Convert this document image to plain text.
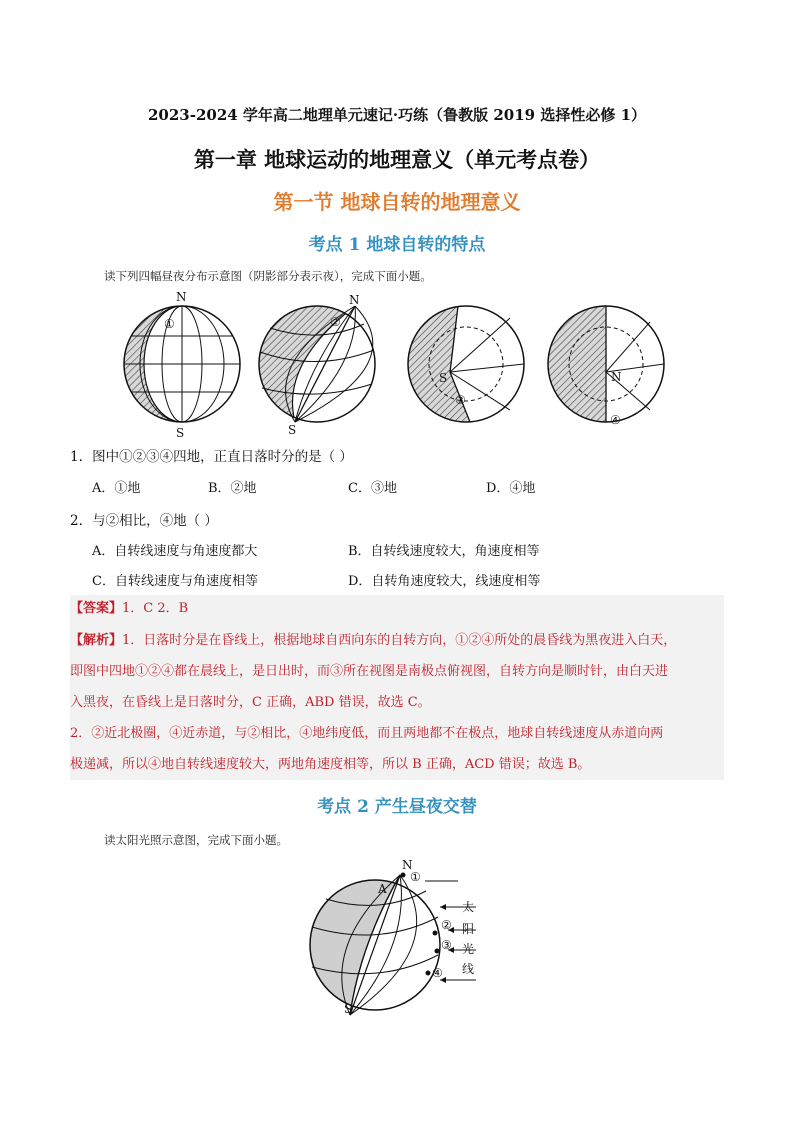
2023-2024 学年高二地理单元速记·巧练（鲁教版 2019 选择性必修 1）
第一章 地球运动的地理意义（单元考点卷）
第一节 地球自转的地理意义
考点 1 地球自转的特点
读下列四幅昼夜分布示意图（阴影部分表示夜），完成下面小题。
N
S
①
N
S
②
S
③
N
④
1．图中①②③④四地，正直日落时分的是（ ）
A．①地	B．②地	C．③地	D．④地
2．与②相比，④地（ ）
A．自转线速度与角速度都大	B．自转线速度较大，角速度相等
C．自转线速度与角速度相等	D．自转角速度较大，线速度相等
【答案】1．C 2．B
【解析】1．日落时分是在昏线上，根据地球自西向东的自转方向，①②④所处的晨昏线为黑夜进入白天，
即图中四地①②④都在晨线上，是日出时，而③所在视图是南极点俯视图，自转方向是顺时针，由白天进
入黑夜，在昏线上是日落时分，C 正确，ABD 错误，故选 C。
2．②近北极圈，④近赤道，与②相比，④地纬度低，而且两地都不在极点，地球自转线速度从赤道向两
极递减，所以④地自转线速度较大，两地角速度相等，所以 B 正确，ACD 错误；故选 B。
考点 2 产生昼夜交替
读太阳光照示意图，完成下面小题。
N
S
A
①
②
③
④
太
阳
光
线
